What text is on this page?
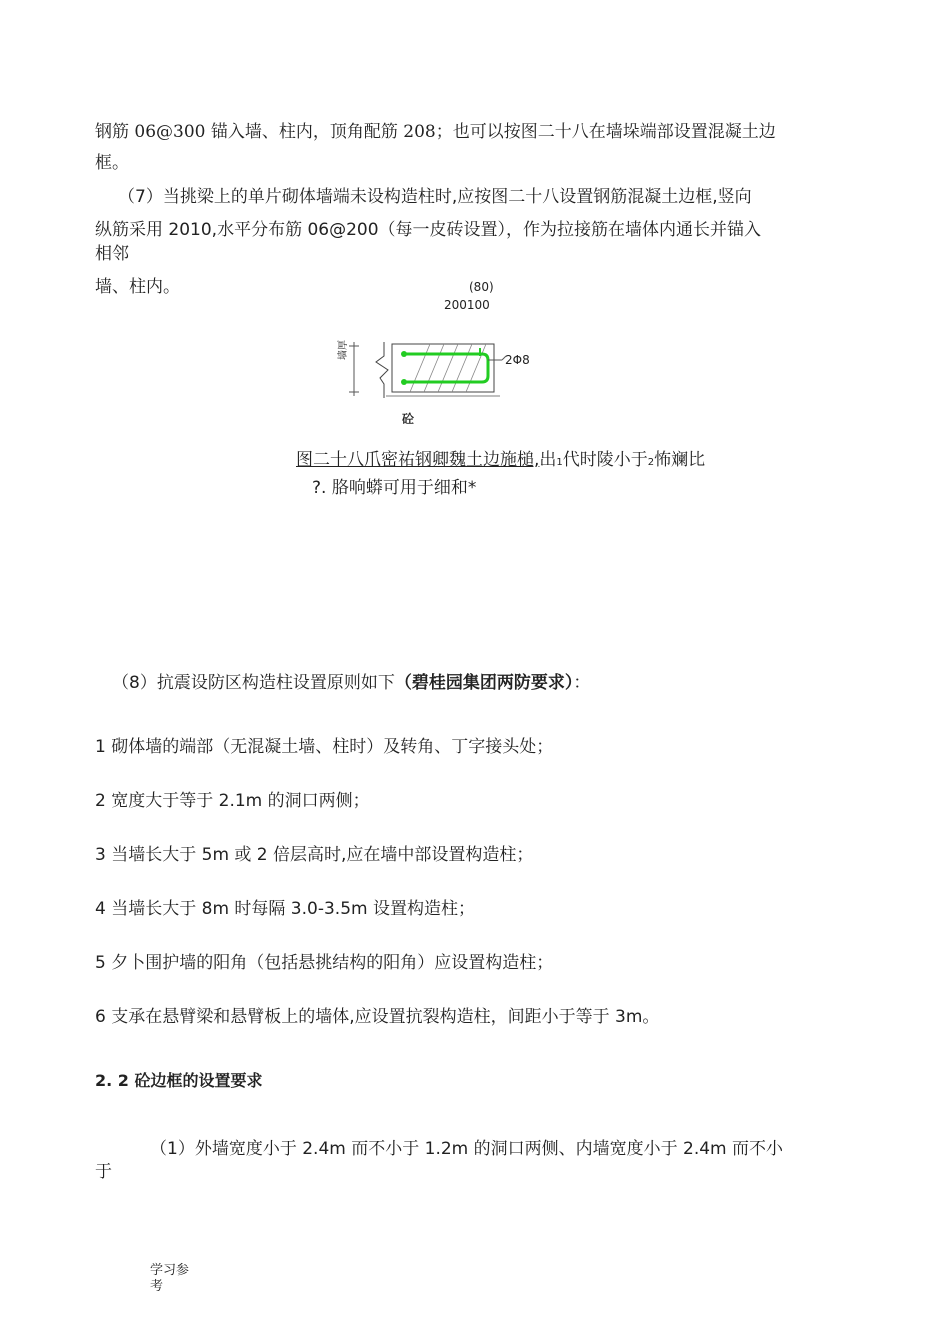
钢筋 06@300 锚入墙、柱内，顶角配筋 208；也可以按图二十八在墙垛端部设置混凝土边
框。
（7）当挑梁上的单片砌体墙端未设构造柱时,应按图二十八设置钢筋混凝土边框,竖向
纵筋采用 2010,水平分布筋 06@200（每一皮砖设置），作为拉接筋在墙体内通长并锚入
相邻
墙、柱内。	(80)
200100
2Φ8
墙厚
砼
图二十八爪密祐钢卿魏土边施槌,出1代时陵小于2怖斓比
?. 胳响蟒可用于细和*
（8）抗震设防区构造柱设置原则如下（碧桂园集团两防要求）：
1 砌体墙的端部（无混凝土墙、柱时）及转角、丁字接头处；
2 宽度大于等于 2.1m 的洞口两侧；
3 当墙长大于 5m 或 2 倍层高时,应在墙中部设置构造柱；
4 当墙长大于 8m 时每隔 3.0-3.5m 设置构造柱；
5 夕卜围护墙的阳角（包括悬挑结构的阳角）应设置构造柱；
6 支承在悬臂梁和悬臂板上的墙体,应设置抗裂构造柱，间距小于等于 3m。
2. 2 砼边框的设置要求
（1）外墙宽度小于 2.4m 而不小于 1.2m 的洞口两侧、内墙宽度小于 2.4m 而不小
于
学习参
考
